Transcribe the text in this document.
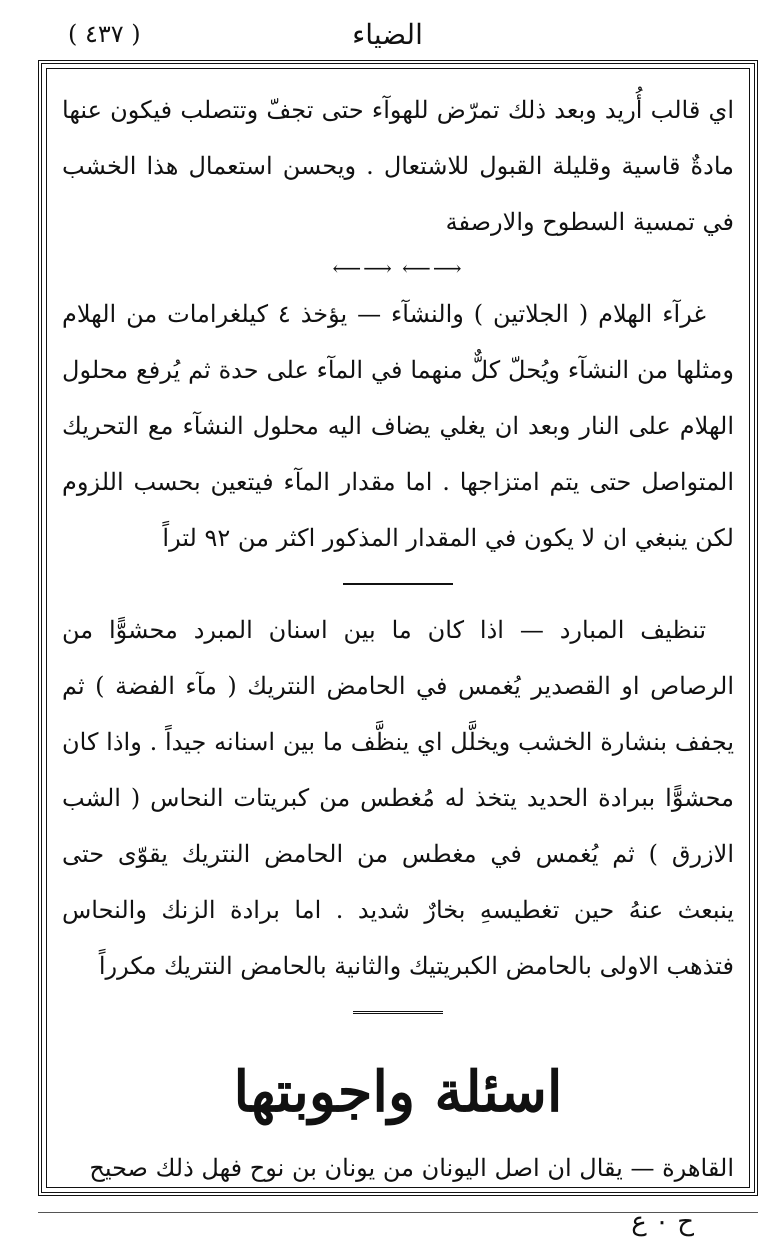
( ٤٣٧ )	الضياء

اي قالب أُريد وبعد ذلك تمرّض للهوآء حتى تجفّ وتتصلب فيكون عنها مادةٌ قاسية وقليلة القبول للاشتعال . ويحسن استعمال هذا الخشب في تمسية السطوح والارصفة

⟶⟵ ⟶⟵

غرآء الهلام ( الجلاتين ) والنشآء — يؤخذ ٤ كيلغرامات من الهلام ومثلها من النشآء ويُحلّ كلٌّ منهما في المآء على حدة ثم يُرفع محلول الهلام على النار وبعد ان يغلي يضاف اليه محلول النشآء مع التحريك المتواصل حتى يتم امتزاجها . اما مقدار المآء فيتعين بحسب اللزوم لكن ينبغي ان لا يكون في المقدار المذكور اكثر من ٩٢ لتراً

تنظيف المبارد — اذا كان ما بين اسنان المبرد محشوًّا من الرصاص او القصدير يُغمس في الحامض النتريك ( مآء الفضة ) ثم يجفف بنشارة الخشب ويخلَّل اي ينظَّف ما بين اسنانه جيداً . واذا كان محشوًّا ببرادة الحديد يتخذ له مُغطس من كبريتات النحاس ( الشب الازرق ) ثم يُغمس في مغطس من الحامض النتريك يقوّى حتى ينبعث عنهُ حين تغطيسهِ بخارٌ شديد . اما برادة الزنك والنحاس فتذهب الاولى بالحامض الكبريتيك والثانية بالحامض النتريك مكرراً

اسئلة واجوبتها

القاهرة — يقال ان اصل اليونان من يونان بن نوح فهل ذلك صحيح

ح ٠ ع
